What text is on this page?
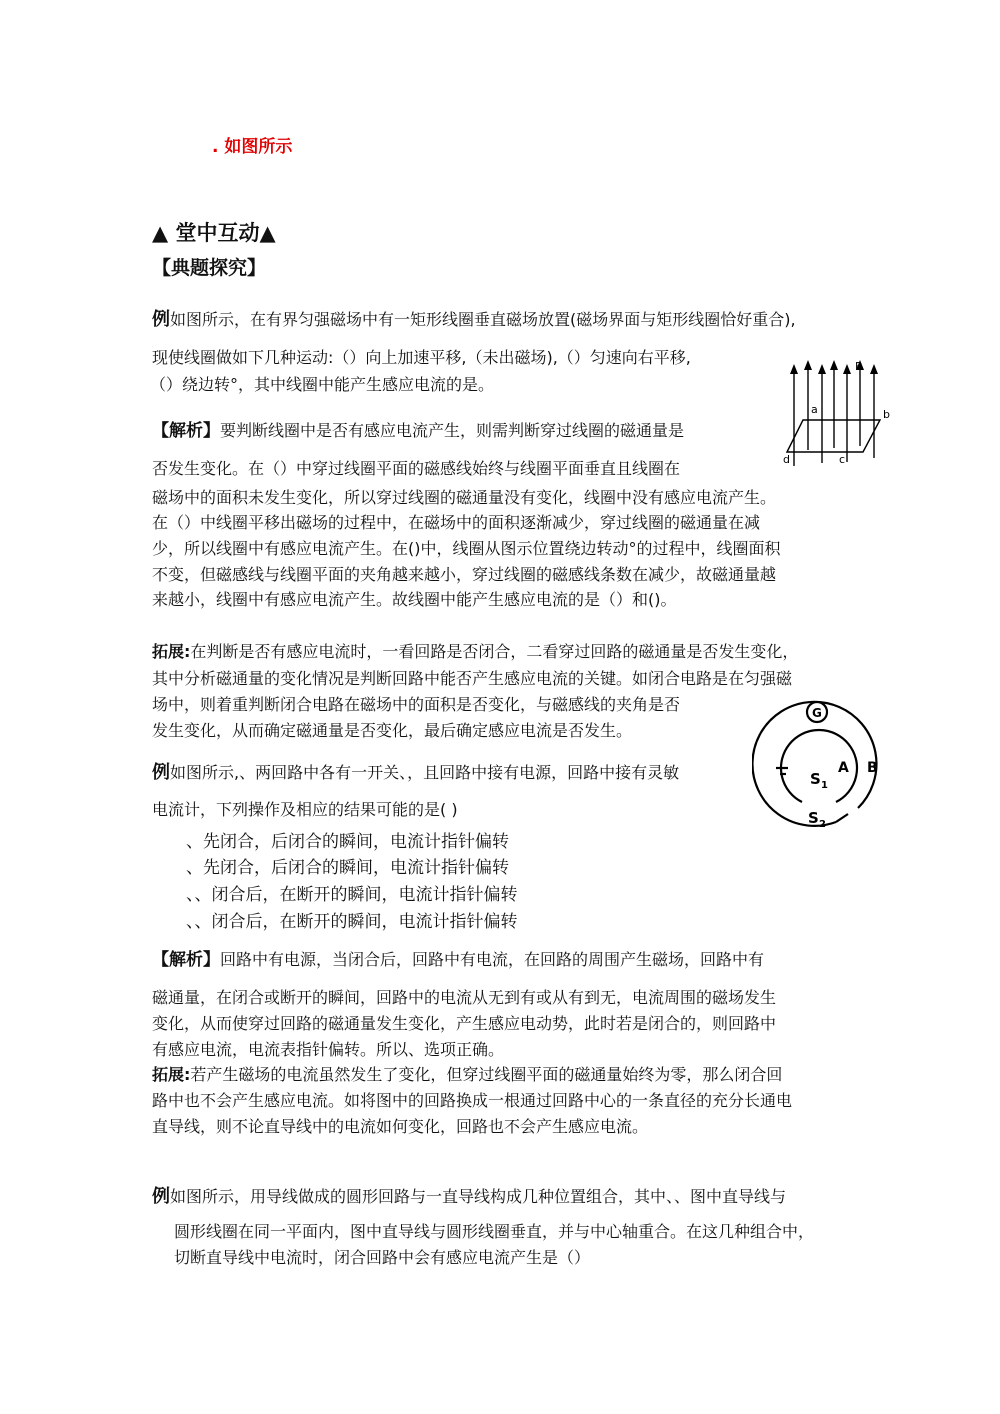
. 如图所示
▲ 堂中互动▲
【典题探究】
例如图所示，在有界匀强磁场中有一矩形线圈垂直磁场放置(磁场界面与矩形线圈恰好重合),
现使线圈做如下几种运动:（）向上加速平移,（未出磁场),（）匀速向右平移,
（）绕边转°，其中线圈中能产生感应电流的是。
【解析】要判断线圈中是否有感应电流产生，则需判断穿过线圈的磁通量是
否发生变化。在（）中穿过线圈平面的磁感线始终与线圈平面垂直且线圈在
磁场中的面积未发生变化，所以穿过线圈的磁通量没有变化，线圈中没有感应电流产生。
在（）中线圈平移出磁场的过程中，在磁场中的面积逐渐减少，穿过线圈的磁通量在减
少，所以线圈中有感应电流产生。在()中，线圈从图示位置绕边转动°的过程中，线圈面积
不变，但磁感线与线圈平面的夹角越来越小，穿过线圈的磁感线条数在减少，故磁通量越
来越小，线圈中有感应电流产生。故线圈中能产生感应电流的是（）和()。
拓展:在判断是否有感应电流时，一看回路是否闭合，二看穿过回路的磁通量是否发生变化，
其中分析磁通量的变化情况是判断回路中能否产生感应电流的关键。如闭合电路是在匀强磁
场中，则着重判断闭合电路在磁场中的面积是否变化，与磁感线的夹角是否
发生变化，从而确定磁通量是否变化，最后确定感应电流是否发生。
B
a	b
c
d
例如图所示,、两回路中各有一开关、，且回路中接有电源，回路中接有灵敏
电流计，下列操作及相应的结果可能的是( )
、先闭合，后闭合的瞬间，电流计指针偏转
、先闭合，后闭合的瞬间，电流计指针偏转
、、闭合后，在断开的瞬间，电流计指针偏转
、、闭合后，在断开的瞬间，电流计指针偏转
【解析】回路中有电源，当闭合后，回路中有电流，在回路的周围产生磁场，回路中有
磁通量，在闭合或断开的瞬间，回路中的电流从无到有或从有到无，电流周围的磁场发生
变化，从而使穿过回路的磁通量发生变化，产生感应电动势，此时若是闭合的，则回路中
有感应电流，电流表指针偏转。所以、选项正确。
拓展:若产生磁场的电流虽然发生了变化，但穿过线圈平面的磁通量始终为零，那么闭合回
路中也不会产生感应电流。如将图中的回路换成一根通过回路中心的一条直径的充分长通电
直导线，则不论直导线中的电流如何变化，回路也不会产生感应电流。
G
A B
S 1
S 2
例如图所示，用导线做成的圆形回路与一直导线构成几种位置组合，其中、、图中直导线与
圆形线圈在同一平面内，图中直导线与圆形线圈垂直，并与中心轴重合。在这几种组合中，
切断直导线中电流时，闭合回路中会有感应电流产生是（）
